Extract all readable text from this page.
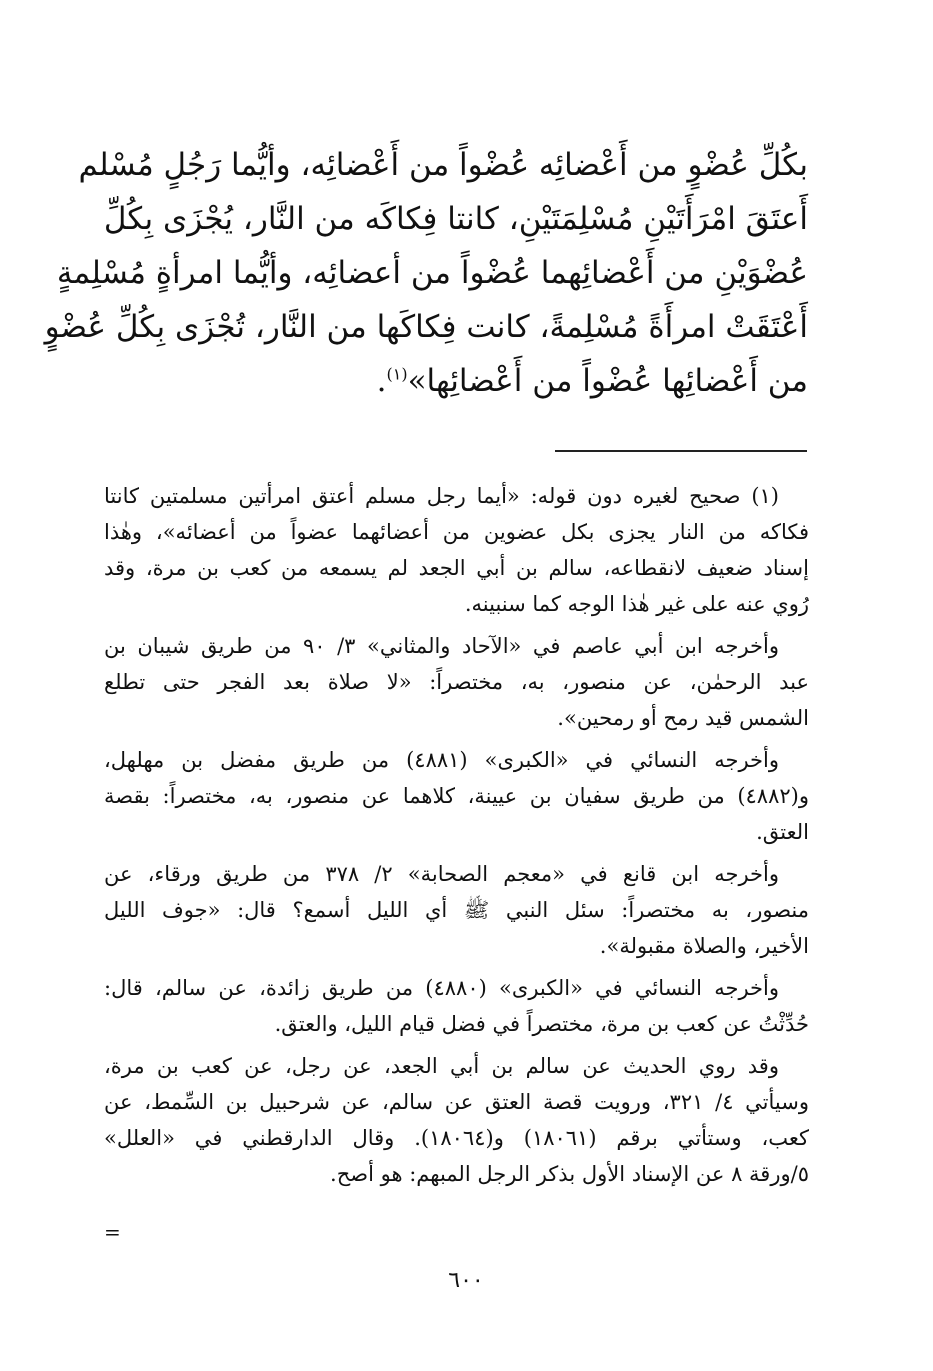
بكُلِّ عُضْوٍ من أَعْضائِه عُضْواً من أَعْضائِه، وأيُّما رَجُلٍ مُسْلم
أَعتَقَ امْرَأَتَيْنِ مُسْلِمَتَيْنِ، كانتا فِكاكَه من النَّار، يُجْزَى بِكُلِّ
عُضْوَيْنِ من أَعْضائِهما عُضْواً من أعضائِه، وأيُّما امرأةٍ مُسْلِمةٍ
أَعْتَقَتْ امرأَةً مُسْلِمةً، كانت فِكاكَها من النَّار، تُجْزَى بِكُلِّ عُضْوٍ
من أَعْضائِها عُضْواً من أَعْضائِها»$^{(١)}$.
(١) صحيح لغيره دون قوله: «أيما رجل مسلم أعتق امرأتين مسلمتين كانتا
فكاكه من النار يجزى بكل عضوين من أعضائهما عضواً من أعضائه»، وهٰذا
إسناد ضعيف لانقطاعه، سالم بن أبي الجعد لم يسمعه من كعب بن مرة، وقد
رُوي عنه على غير هٰذا الوجه كما سنبينه.
وأخرجه ابن أبي عاصم في «الآحاد والمثاني» ٣/ ٩٠ من طريق شيبان بن
عبد الرحمٰن، عن منصور، به، مختصراً: «لا صلاة بعد الفجر حتى تطلع
الشمس قيد رمح أو رمحين».
وأخرجه النسائي في «الكبرى» (٤٨٨١) من طريق مفضل بن مهلهل،
و(٤٨٨٢) من طريق سفيان بن عيينة، كلاهما عن منصور، به، مختصراً: بقصة
العتق.
وأخرجه ابن قانع في «معجم الصحابة» ٢/ ٣٧٨ من طريق ورقاء، عن
منصور، به مختصراً: سئل النبي ﷺ أي الليل أسمع؟ قال: «جوف الليل
الأخير، والصلاة مقبولة».
وأخرجه النسائي في «الكبرى» (٤٨٨٠) من طريق زائدة، عن سالم، قال:
حُدِّثْتُ عن كعب بن مرة، مختصراً في فضل قيام الليل، والعتق.
وقد روي الحديث عن سالم بن أبي الجعد، عن رجل، عن كعب بن مرة،
وسيأتي ٤/ ٣٢١، ورويت قصة العتق عن سالم، عن شرحبيل بن السِّمط، عن
كعب، وستأتي برقم (١٨٠٦١) و(١٨٠٦٤). وقال الدارقطني في «العلل»
٥/ورقة ٨ عن الإسناد الأول بذكر الرجل المبهم: هو أصح.
=
٦٠٠
